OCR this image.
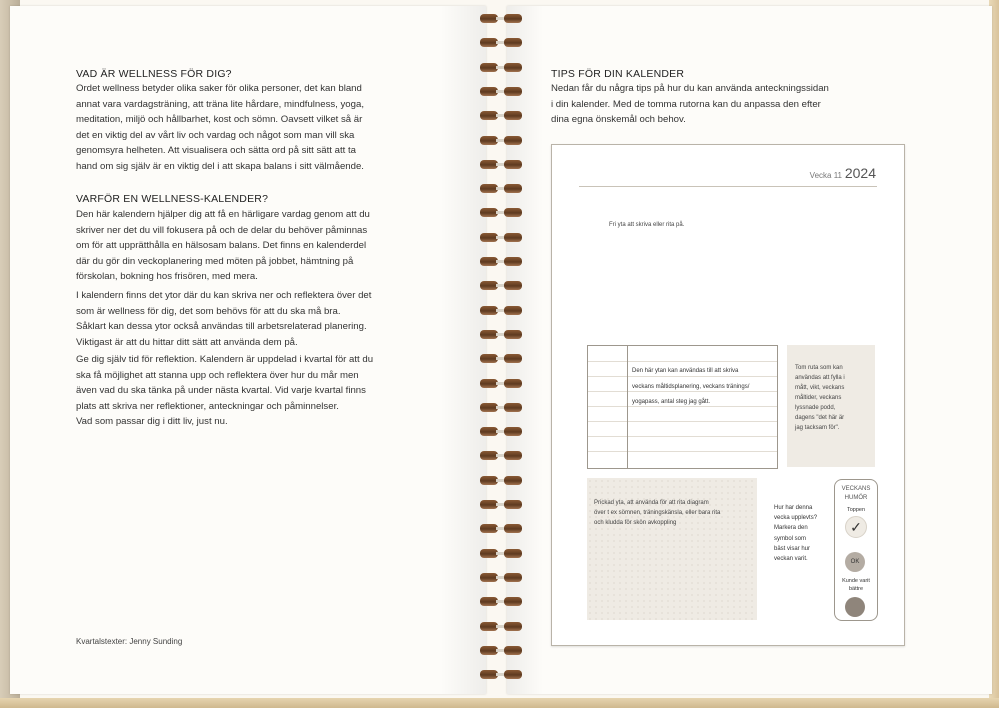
VAD ÄR WELLNESS FÖR DIG?
Ordet wellness betyder olika saker för olika personer, det kan bland
annat vara vardagsträning, att träna lite hårdare, mindfulness, yoga,
meditation, miljö och hållbarhet, kost och sömn. Oavsett vilket så är
det en viktig del av vårt liv och vardag och något som man vill ska
genomsyra helheten. Att visualisera och sätta ord på sitt sätt att ta
hand om sig själv är en viktig del i att skapa balans i sitt välmående.
VARFÖR EN WELLNESS-KALENDER?
Den här kalendern hjälper dig att få en härligare vardag genom att du
skriver ner det du vill fokusera på och de delar du behöver påminnas
om för att upprätthålla en hälsosam balans. Det finns en kalenderdel
där du gör din veckoplanering med möten på jobbet, hämtning på
förskolan, bokning hos frisören, med mera.
I kalendern finns det ytor där du kan skriva ner och reflektera över det
som är wellness för dig, det som behövs för att du ska må bra.
Såklart kan dessa ytor också användas till arbetsrelaterad planering.
Viktigast är att du hittar ditt sätt att använda dem på.
Ge dig själv tid för reflektion. Kalendern är uppdelad i kvartal för att du
ska få möjlighet att stanna upp och reflektera över hur du mår men
även vad du ska tänka på under nästa kvartal. Vid varje kvartal finns
plats att skriva ner reflektioner, anteckningar och påminnelser.
Vad som passar dig i ditt liv, just nu.
Kvartalstexter: Jenny Sunding
TIPS FÖR DIN KALENDER
Nedan får du några tips på hur du kan använda anteckningssidan
i din kalender. Med de tomma rutorna kan du anpassa den efter
dina egna önskemål och behov.
2024
Vecka 11
Fri yta att skriva eller rita på.
Den här ytan kan användas till att skriva
veckans måltidsplanering, veckans tränings/
yogapass, antal steg jag gått.
Tom ruta som kan
användas att fylla i
mått, vikt, veckans
måltider, veckans
lyssnade podd,
dagens "det här är
jag tacksam för".
Prickad yta, att använda för att rita diagram
över t ex sömnen, träningskänsla, eller bara rita
och kludda för skön avkoppling
Hur har denna
vecka upplevts?
Markera den
symbol som
bäst visar hur
veckan varit.
VECKANS
HUMÖR
Toppen
✓
OK
Kunde varit
bättre
